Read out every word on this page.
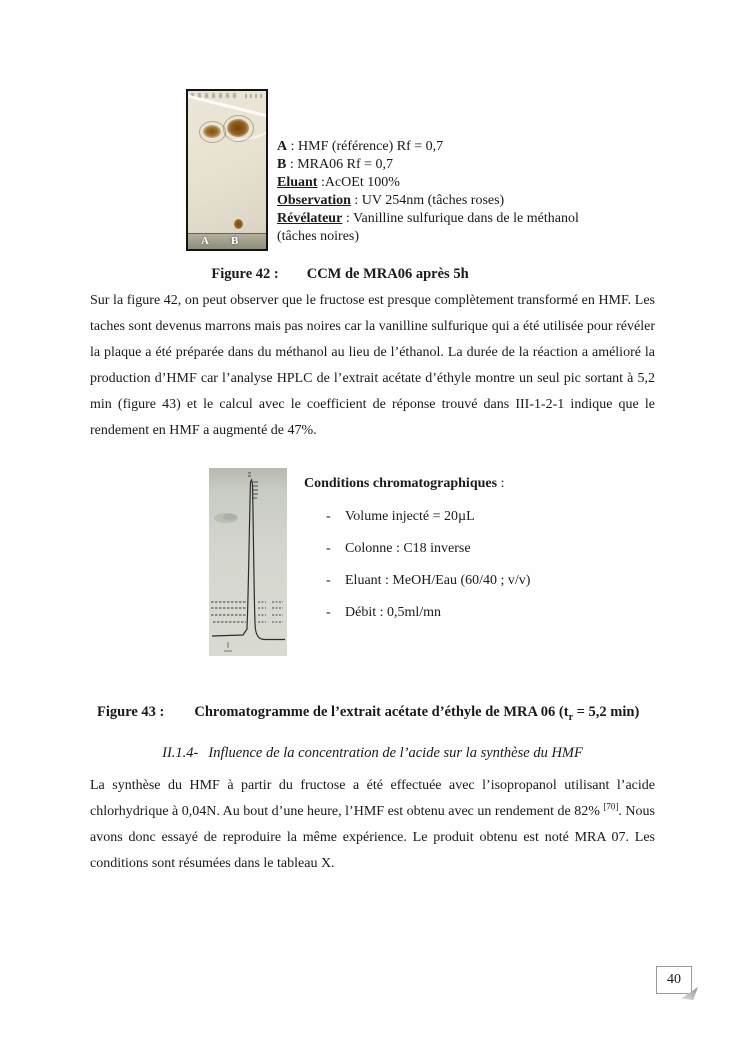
A B
A : HMF (référence) Rf = 0,7
B : MRA06 Rf = 0,7
Eluant :AcOEt 100%
Observation : UV 254nm (tâches roses)
Révélateur : Vanilline sulfurique dans de le méthanol
(tâches noires)
Figure 42 : CCM de MRA06 après 5h
Sur la figure 42, on peut observer que le fructose est presque complètement transformé en HMF. Les taches sont devenus marrons mais pas noires car la vanilline sulfurique qui a été utilisée pour révéler la plaque a été préparée dans du méthanol au lieu de l’éthanol. La durée de la réaction a amélioré la production d’HMF car l’analyse HPLC de l’extrait acétate d’éthyle montre un seul pic sortant à 5,2 min (figure 43) et le calcul avec le coefficient de réponse trouvé dans III-1-2-1 indique que le rendement en HMF a augmenté de 47%.
Conditions chromatographiques :
- Volume injecté = 20µL
- Colonne : C18 inverse
- Eluant : MeOH/Eau (60/40 ; v/v)
- Débit : 0,5ml/mn
Figure 43 : Chromatogramme de l’extrait acétate d’éthyle de MRA 06 ($t_r = 5,2$ min)
II.1.4- Influence de la concentration de l’acide sur la synthèse du HMF
La synthèse du HMF à partir du fructose a été effectuée avec l’isopropanol utilisant l’acide chlorhydrique à 0,04N. Au bout d’une heure, l’HMF est obtenu avec un rendement de 82% [70]. Nous avons donc essayé de reproduire la même expérience. Le produit obtenu est noté MRA 07. Les conditions sont résumées dans le tableau X.
40
